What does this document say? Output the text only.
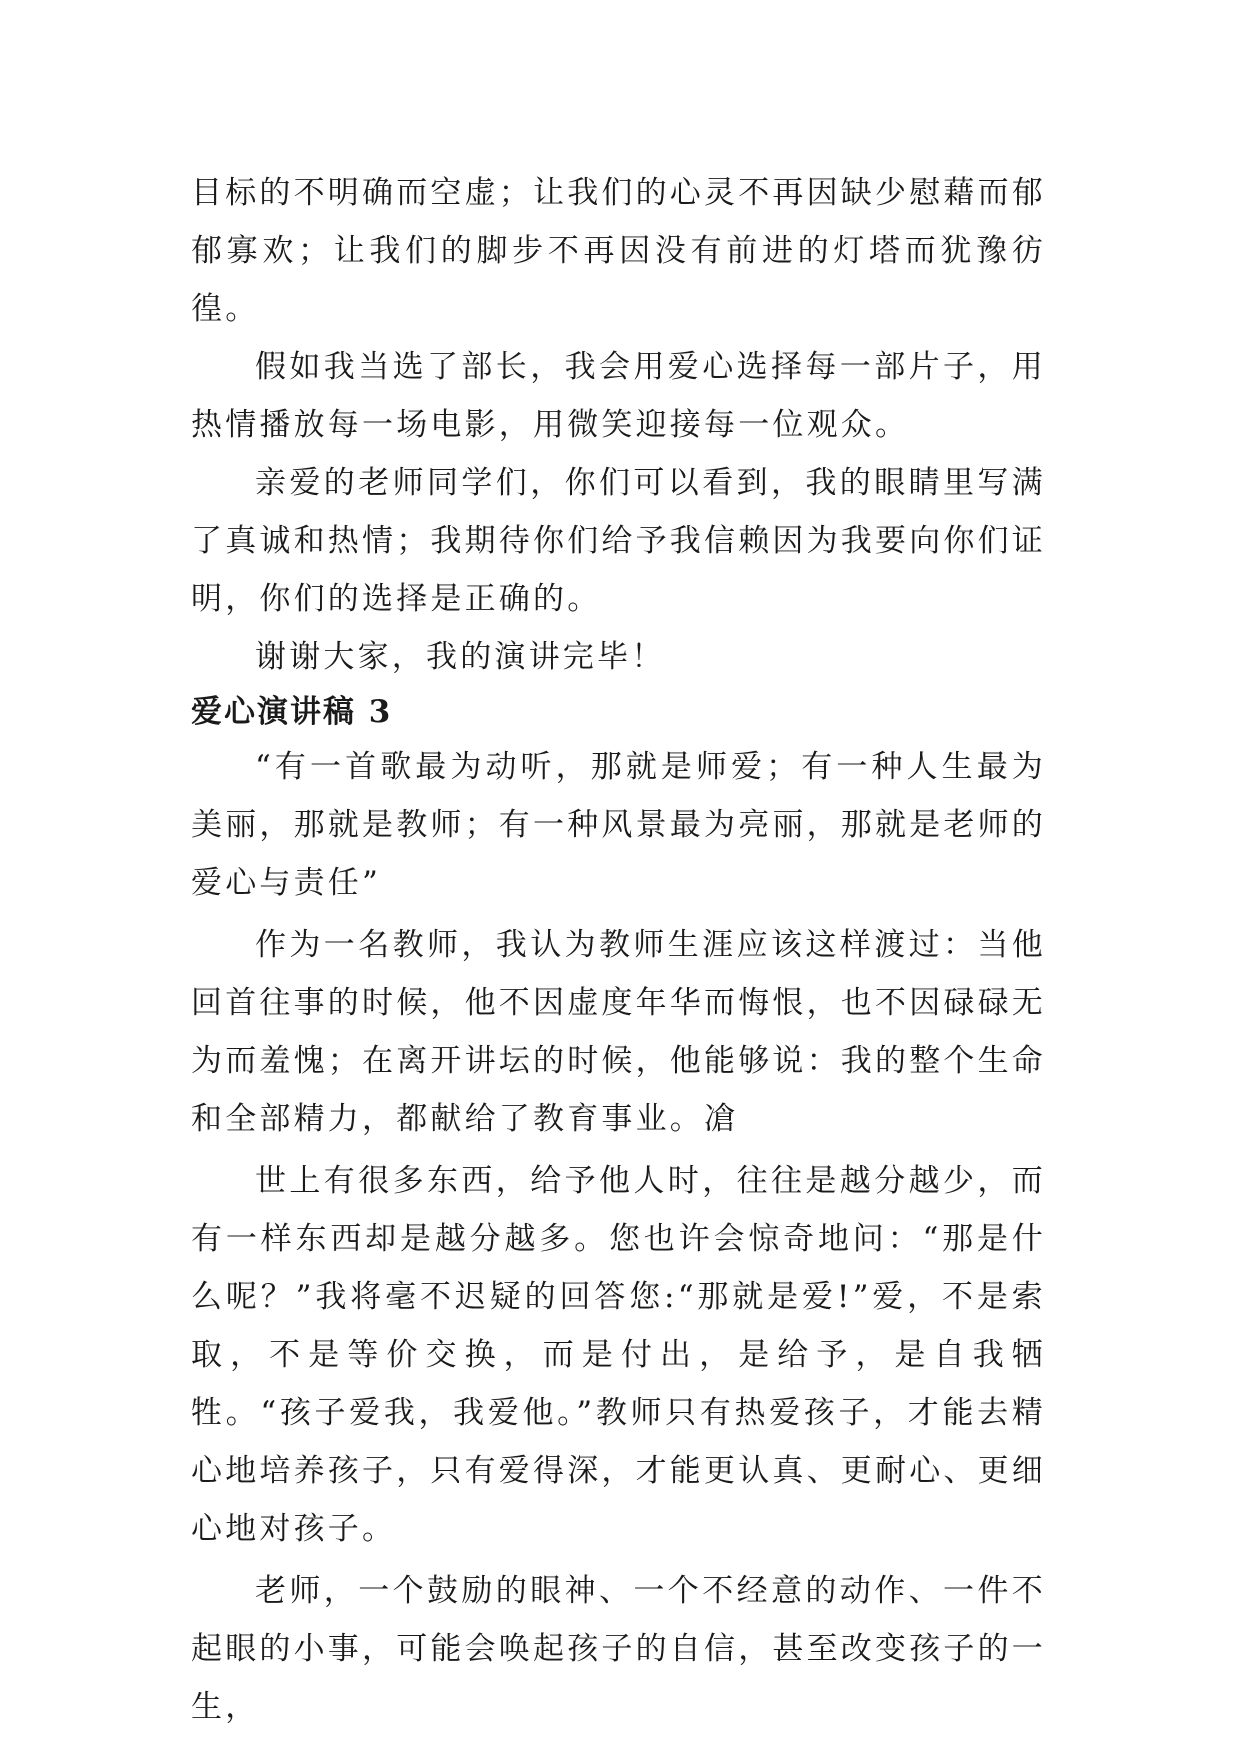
目标的不明确而空虚；让我们的心灵不再因缺少慰藉而郁郁寡欢；让我们的脚步不再因没有前进的灯塔而犹豫彷徨。

假如我当选了部长，我会用爱心选择每一部片子，用热情播放每一场电影，用微笑迎接每一位观众。

亲爱的老师同学们，你们可以看到，我的眼睛里写满了真诚和热情；我期待你们给予我信赖因为我要向你们证明，你们的选择是正确的。

谢谢大家，我的演讲完毕！

爱心演讲稿 3

“有一首歌最为动听，那就是师爱；有一种人生最为美丽，那就是教师；有一种风景最为亮丽，那就是老师的爱心与责任”

作为一名教师，我认为教师生涯应该这样渡过：当他回首往事的时候，他不因虚度年华而悔恨，也不因碌碌无为而羞愧；在离开讲坛的时候，他能够说：我的整个生命和全部精力，都献给了教育事业。凔

世上有很多东西，给予他人时，往往是越分越少，而有一样东西却是越分越多。您也许会惊奇地问：“那是什么呢？”我将毫不迟疑的回答您:“那就是爱!”爱，不是索取，不是等价交换，而是付出，是给予，是自我牺牲。“孩子爱我，我爱他。”教师只有热爱孩子，才能去精心地培养孩子，只有爱得深，才能更认真、更耐心、更细心地对孩子。

老师，一个鼓励的眼神、一个不经意的动作、一件不起眼的小事，可能会唤起孩子的自信，甚至改变孩子的一生，
